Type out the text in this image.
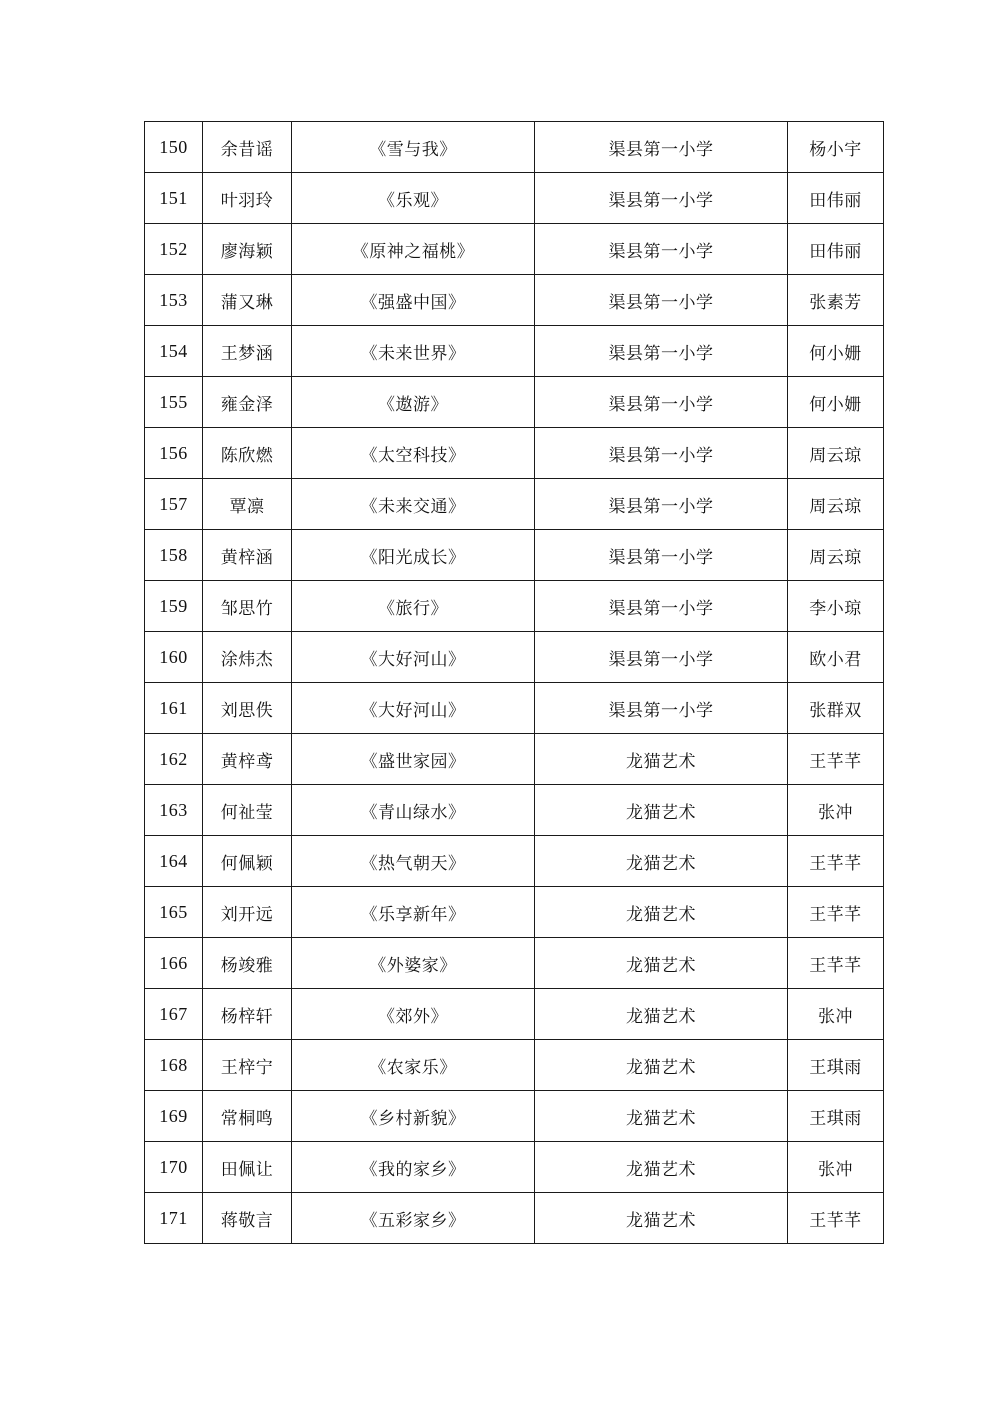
150	余昔谣	《雪与我》	渠县第一小学	杨小宇
151	叶羽玲	《乐观》	渠县第一小学	田伟丽
152	廖海颖	《原神之福桃》	渠县第一小学	田伟丽
153	蒲又琳	《强盛中国》	渠县第一小学	张素芳
154	王梦涵	《未来世界》	渠县第一小学	何小姗
155	雍金泽	《遨游》	渠县第一小学	何小姗
156	陈欣燃	《太空科技》	渠县第一小学	周云琼
157	覃凛	《未来交通》	渠县第一小学	周云琼
158	黄梓涵	《阳光成长》	渠县第一小学	周云琼
159	邹思竹	《旅行》	渠县第一小学	李小琼
160	涂炜杰	《大好河山》	渠县第一小学	欧小君
161	刘思佚	《大好河山》	渠县第一小学	张群双
162	黄梓鸢	《盛世家园》	龙猫艺术	王芊芊
163	何祉莹	《青山绿水》	龙猫艺术	张冲
164	何佩颖	《热气朝天》	龙猫艺术	王芊芊
165	刘开远	《乐享新年》	龙猫艺术	王芊芊
166	杨竣雅	《外婆家》	龙猫艺术	王芊芊
167	杨梓轩	《郊外》	龙猫艺术	张冲
168	王梓宁	《农家乐》	龙猫艺术	王琪雨
169	常桐鸣	《乡村新貌》	龙猫艺术	王琪雨
170	田佩让	《我的家乡》	龙猫艺术	张冲
171	蒋敬言	《五彩家乡》	龙猫艺术	王芊芊
